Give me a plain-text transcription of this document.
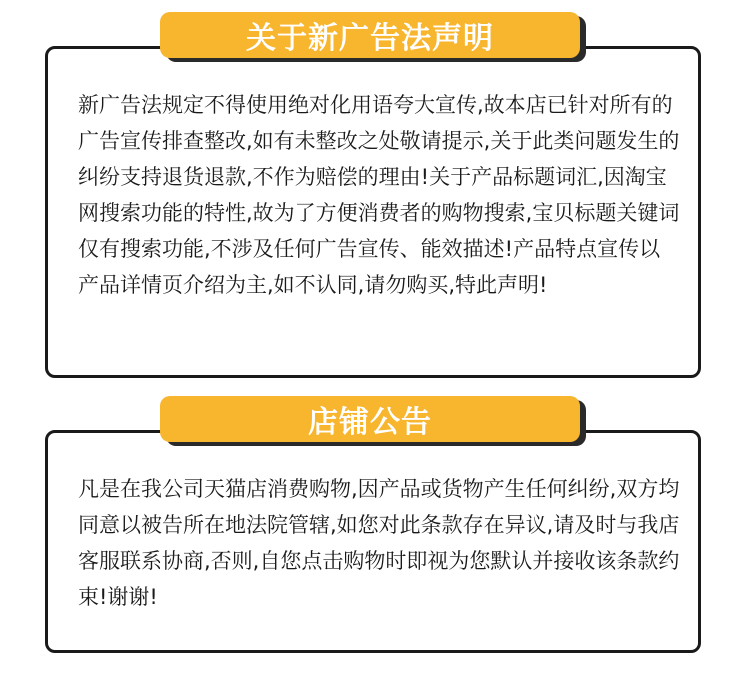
新广告法规定不得使用绝对化用语夸大宣传,故本店已针对所有的广告宣传排查整改,如有未整改之处敬请提示,关于此类问题发生的纠纷支持退货退款,不作为赔偿的理由!关于产品标题词汇,因淘宝网搜索功能的特性,故为了方便消费者的购物搜索,宝贝标题关键词仅有搜索功能,不涉及任何广告宣传、能效描述!产品特点宣传以产品详情页介绍为主,如不认同,请勿购买,特此声明!

关于新广告法声明

凡是在我公司天猫店消费购物,因产品或货物产生任何纠纷,双方均同意以被告所在地法院管辖,如您对此条款存在异议,请及时与我店客服联系协商,否则,自您点击购物时即视为您默认并接收该条款约束!谢谢!

店铺公告
